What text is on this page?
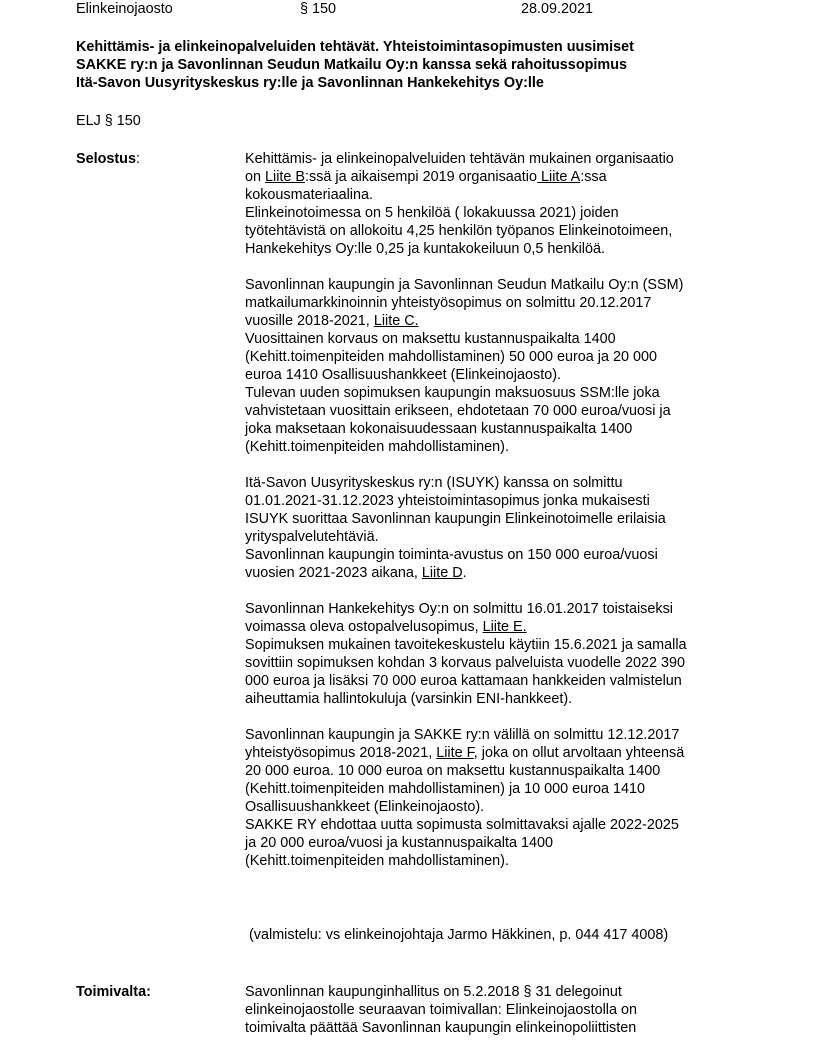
Elinkeinojaosto	§ 150	28.09.2021
Kehittämis- ja elinkeinopalveluiden tehtävät. Yhteistoimintasopimusten uusimiset
SAKKE ry:n ja Savonlinnan Seudun Matkailu Oy:n kanssa sekä rahoitussopimus
Itä-Savon Uusyrityskeskus ry:lle ja Savonlinnan Hankekehitys Oy:lle
ELJ § 150
Selostus:	Kehittämis- ja elinkeinopalveluiden tehtävän mukainen organisaatio
on Liite B:ssä ja aikaisempi 2019 organisaatio Liite A:ssa
kokousmateriaalina.
Elinkeinotoimessa on 5 henkilöä ( lokakuussa 2021) joiden
työtehtävistä on allokoitu 4,25 henkilön työpanos Elinkeinotoimeen,
Hankekehitys Oy:lle 0,25 ja kuntakokeiluun 0,5 henkilöä.
Savonlinnan kaupungin ja Savonlinnan Seudun Matkailu Oy:n (SSM)
matkailumarkkinoinnin yhteistyösopimus on solmittu 20.12.2017
vuosille 2018-2021, Liite C.
Vuosittainen korvaus on maksettu kustannuspaikalta 1400
(Kehitt.toimenpiteiden mahdollistaminen) 50 000 euroa ja 20 000
euroa 1410 Osallisuushankkeet (Elinkeinojaosto).
Tulevan uuden sopimuksen kaupungin maksuosuus SSM:lle joka
vahvistetaan vuosittain erikseen, ehdotetaan 70 000 euroa/vuosi ja
joka maksetaan kokonaisuudessaan kustannuspaikalta 1400
(Kehitt.toimenpiteiden mahdollistaminen).
Itä-Savon Uusyrityskeskus ry:n (ISUYK) kanssa on solmittu
01.01.2021-31.12.2023 yhteistoimintasopimus jonka mukaisesti
ISUYK suorittaa Savonlinnan kaupungin Elinkeinotoimelle erilaisia
yrityspalvelutehtäviä.
Savonlinnan kaupungin toiminta-avustus on 150 000 euroa/vuosi
vuosien 2021-2023 aikana, Liite D.
Savonlinnan Hankekehitys Oy:n on solmittu 16.01.2017 toistaiseksi
voimassa oleva ostopalvelusopimus, Liite E.
Sopimuksen mukainen tavoitekeskustelu käytiin 15.6.2021 ja samalla
sovittiin sopimuksen kohdan 3 korvaus palveluista vuodelle 2022 390
000 euroa ja lisäksi 70 000 euroa kattamaan hankkeiden valmistelun
aiheuttamia hallintokuluja (varsinkin ENI-hankkeet).
Savonlinnan kaupungin ja SAKKE ry:n välillä on solmittu 12.12.2017
yhteistyösopimus 2018-2021, Liite F, joka on ollut arvoltaan yhteensä
20 000 euroa. 10 000 euroa on maksettu kustannuspaikalta 1400
(Kehitt.toimenpiteiden mahdollistaminen) ja 10 000 euroa 1410
Osallisuushankkeet (Elinkeinojaosto).
SAKKE RY ehdottaa uutta sopimusta solmittavaksi ajalle 2022-2025
ja 20 000 euroa/vuosi ja kustannuspaikalta 1400
(Kehitt.toimenpiteiden mahdollistaminen).
(valmistelu: vs elinkeinojohtaja Jarmo Häkkinen, p. 044 417 4008)
Toimivalta:	Savonlinnan kaupunginhallitus on 5.2.2018 § 31 delegoinut
elinkeinojaostolle seuraavan toimivallan: Elinkeinojaostolla on
toimivalta päättää Savonlinnan kaupungin elinkeinopoliittisten
